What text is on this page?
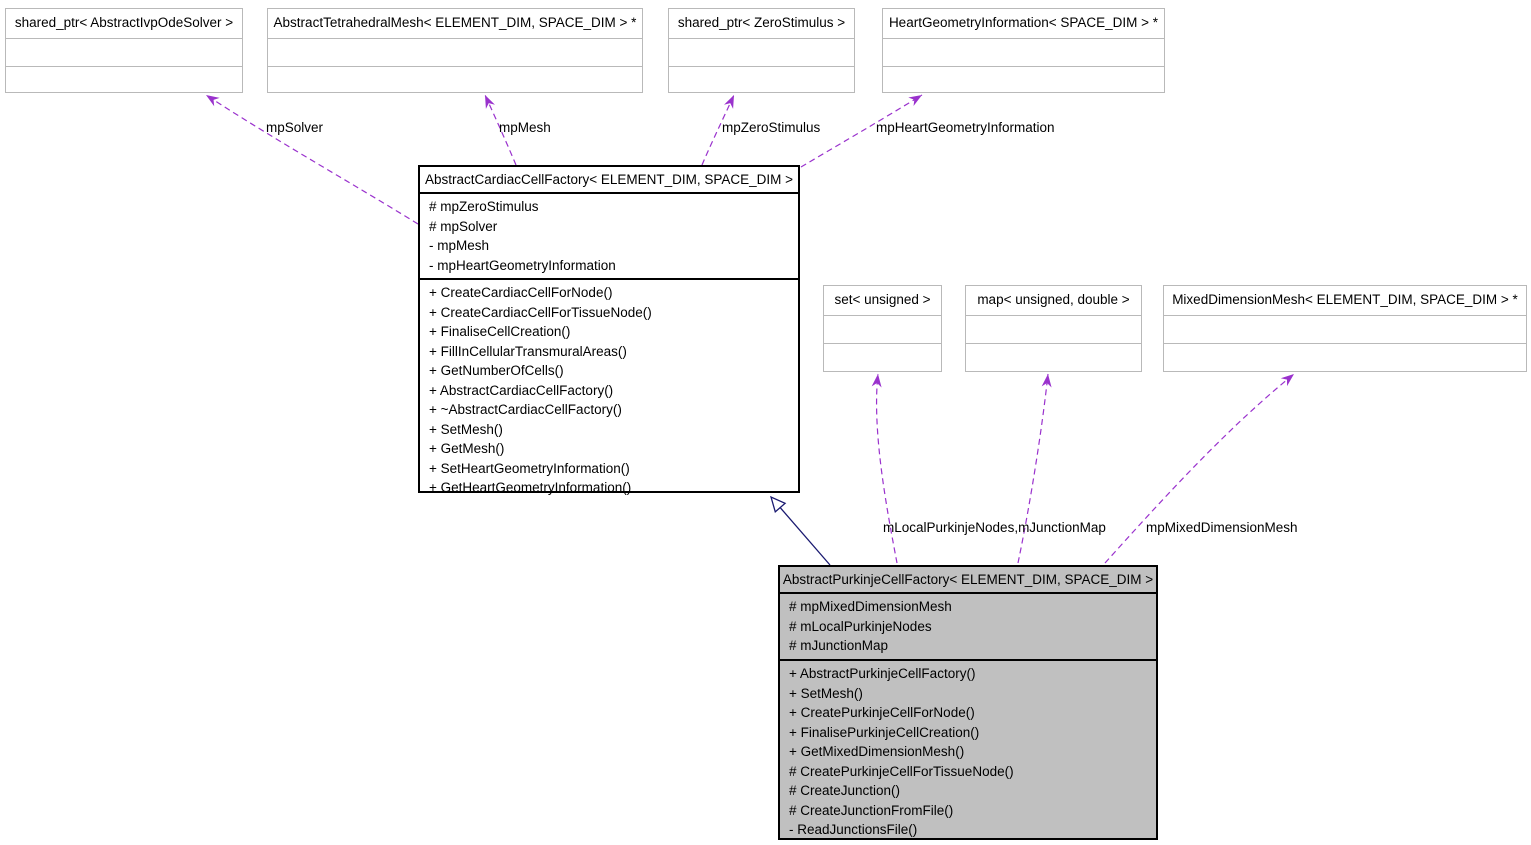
shared_ptr< AbstractIvpOdeSolver >	AbstractTetrahedralMesh< ELEMENT_DIM, SPACE_DIM > *	shared_ptr< ZeroStimulus >	HeartGeometryInformation< SPACE_DIM > *
AbstractCardiacCellFactory< ELEMENT_DIM, SPACE_DIM >
# mpZeroStimulus
# mpSolver
- mpMesh
- mpHeartGeometryInformation
+ CreateCardiacCellForNode()
+ CreateCardiacCellForTissueNode()
+ FinaliseCellCreation()
+ FillInCellularTransmuralAreas()
+ GetNumberOfCells()
+ AbstractCardiacCellFactory()
+ ~AbstractCardiacCellFactory()
+ SetMesh()
+ GetMesh()
+ SetHeartGeometryInformation()
+ GetHeartGeometryInformation()
set< unsigned >	map< unsigned, double >	MixedDimensionMesh< ELEMENT_DIM, SPACE_DIM > *
AbstractPurkinjeCellFactory< ELEMENT_DIM, SPACE_DIM >
# mpMixedDimensionMesh
# mLocalPurkinjeNodes
# mJunctionMap
+ AbstractPurkinjeCellFactory()
+ SetMesh()
+ CreatePurkinjeCellForNode()
+ FinalisePurkinjeCellCreation()
+ GetMixedDimensionMesh()
# CreatePurkinjeCellForTissueNode()
# CreateJunction()
# CreateJunctionFromFile()
- ReadJunctionsFile()
mpSolver	mpMesh	mpZeroStimulus	mpHeartGeometryInformation
mLocalPurkinjeNodes,mJunctionMap	mpMixedDimensionMesh
